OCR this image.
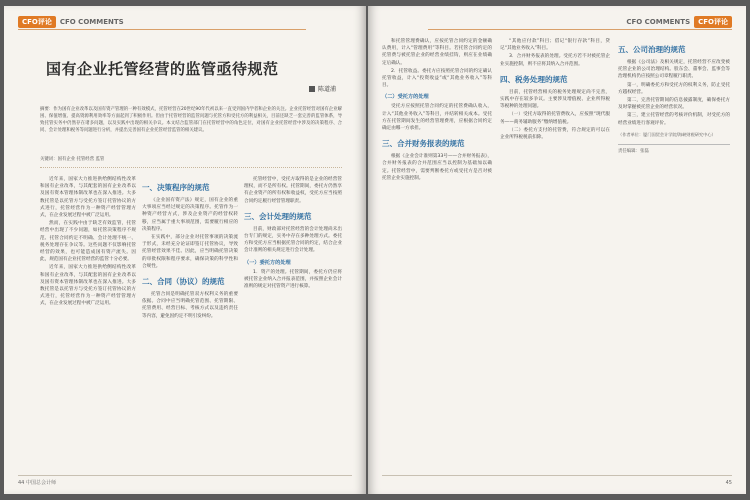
CFO评论	CFO COMMENTS
国有企业托管经营的监管亟待规范
陈道浦
摘要：作为国有企业改革以及国有资产管理的一种有效模式，托管经营在20世纪90年代初以来一直受到国内学者和企业的关注。企业托管经营对国有企业解困、保值增值、提高资源利用效率等方面起到了积极作用。但由于托管经营的监管问题与托管方和受托方的利益相关，目前还缺乏一套完善的监管体系，导致托管实务中仍然存在诸多问题，以及实践中出现的相关争议。本文结合监管部门在托管经营中的角色定位，对国有企业托管经营中涉及的决策程序、合同、会计处理和税务等问题进行分析，并提出完善国有企业托管经营监管的相关建议。
关键词：国有企业 托管经营 监管

近年来，国家大力推进供给侧结构性改革和国有企业改革，与其配套的国有企业改革以及国有资本管理体制改革也在深入推进。大多数托管是以托管方与受托方签订托管协议的方式进行，托管经营作为一种资产经营管理方式，在企业发展过程中被广泛运用。

然而，在实践中由于缺乏有效监管，托管经营中出现了不少问题，如托管决策程序不规范、托管合同约定不明确、会计处理不统一、税务处理存在争议等。这些问题不仅影响托管经营的效果，也可能造成国有资产流失。因此，规范国有企业托管经营的监管十分必要。

近年来，国家大力推进供给侧结构性改革和国有企业改革，与其配套的国有企业改革以及国有资本管理体制改革也在深入推进。大多数托管是以托管方与受托方签订托管协议的方式进行，托管经营作为一种资产经营管理方式，在企业发展过程中被广泛运用。

一、决策程序的规范

《企业国有资产法》规定，国有企业的重大事项应当经过规定的决策程序。托管作为一种资产经营方式，涉及企业资产的经营权转移，应当属于重大事项范围，需要履行相应的决策程序。

在实践中，部分企业对托管事项的决策流于形式，未经充分论证即签订托管协议，导致托管经营效果不佳。因此，应当明确托管决策的审批权限和程序要求，确保决策的科学性和合规性。

二、合同（协议）的规范

托管合同是明确托管双方权利义务的重要依据。合同中应当明确托管范围、托管期限、托管费用、经营目标、考核方式以及违约责任等内容，避免因约定不明引发纠纷。

托管经营中，受托方取得的是企业的经营管理权，而不是所有权。托管期间，委托方仍然享有企业资产的所有权和收益权，受托方应当按照合同约定履行经营管理职责。

三、会计处理的规范

目前，财政部对托管经营的会计处理尚未出台专门的规定，实务中存在多种处理方式。委托方和受托方应当根据托管合同的约定，结合企业会计准则的相关规定进行会计处理。

（一）委托方的处理

1．资产的处理。托管期间，委托方仍应将被托管企业纳入合并报表范围，并按照企业会计准则的规定对托管资产进行核算。

44 中国总会计师
CFO COMMENTS	CFO评论

和托管管理费确认，应按托管合同约定的金额确认费用，计入“管理费用”等科目。若托管合同约定的托管费与被托管企业的经营业绩挂钩，则应在业绩确定后确认。

2．托管收益。委托方应按照托管合同的约定确认托管收益，计入“投资收益”或“其他业务收入”等科目。

（二）受托方的处理

受托方应按照托管合同约定的托管费确认收入，计入“其他业务收入”等科目，并结转相关成本。受托方在托管期间发生的经营管理费用，应根据合同约定确定由哪一方承担。

三、合并财务报表的规范

根据《企业会计准则第33号——合并财务报表》，合并财务报表的合并范围应当以控制为基础加以确定。托管经营中，需要判断委托方或受托方是否对被托管企业实施控制。

“其他应付款”科目；借记“银行存款”科目，贷记“其他业务收入”科目。

3．合并财务报表的处理。受托方若不对被托管企业实施控制，则不应将其纳入合并范围。

四、税务处理的规范

目前，托管经营相关的税务处理规定尚不完善，实践中存在较多争议。主要涉及增值税、企业所得税等税种的处理问题。

（一）受托方取得的托管费收入，应按照“现代服务——商务辅助服务”缴纳增值税。

（二）委托方支付的托管费，符合规定的可以在企业所得税税前扣除。

五、公司治理的规范

根据《公司法》及相关规定，托管经营不应改变被托管企业的公司治理结构。股东会、董事会、监事会等治理机构仍应按照公司章程履行职责。

第一，明确委托方和受托方的权利义务，防止受托方越权经营。

第二，完善托管期间的信息披露制度，确保委托方及时掌握被托管企业的经营状况。

第三，建立托管经营的考核评价机制，对受托方的经营业绩进行客观评价。

（作者单位：厦门国贸会计学院/海峡财税研究中心）
责任编辑：张磊
45
